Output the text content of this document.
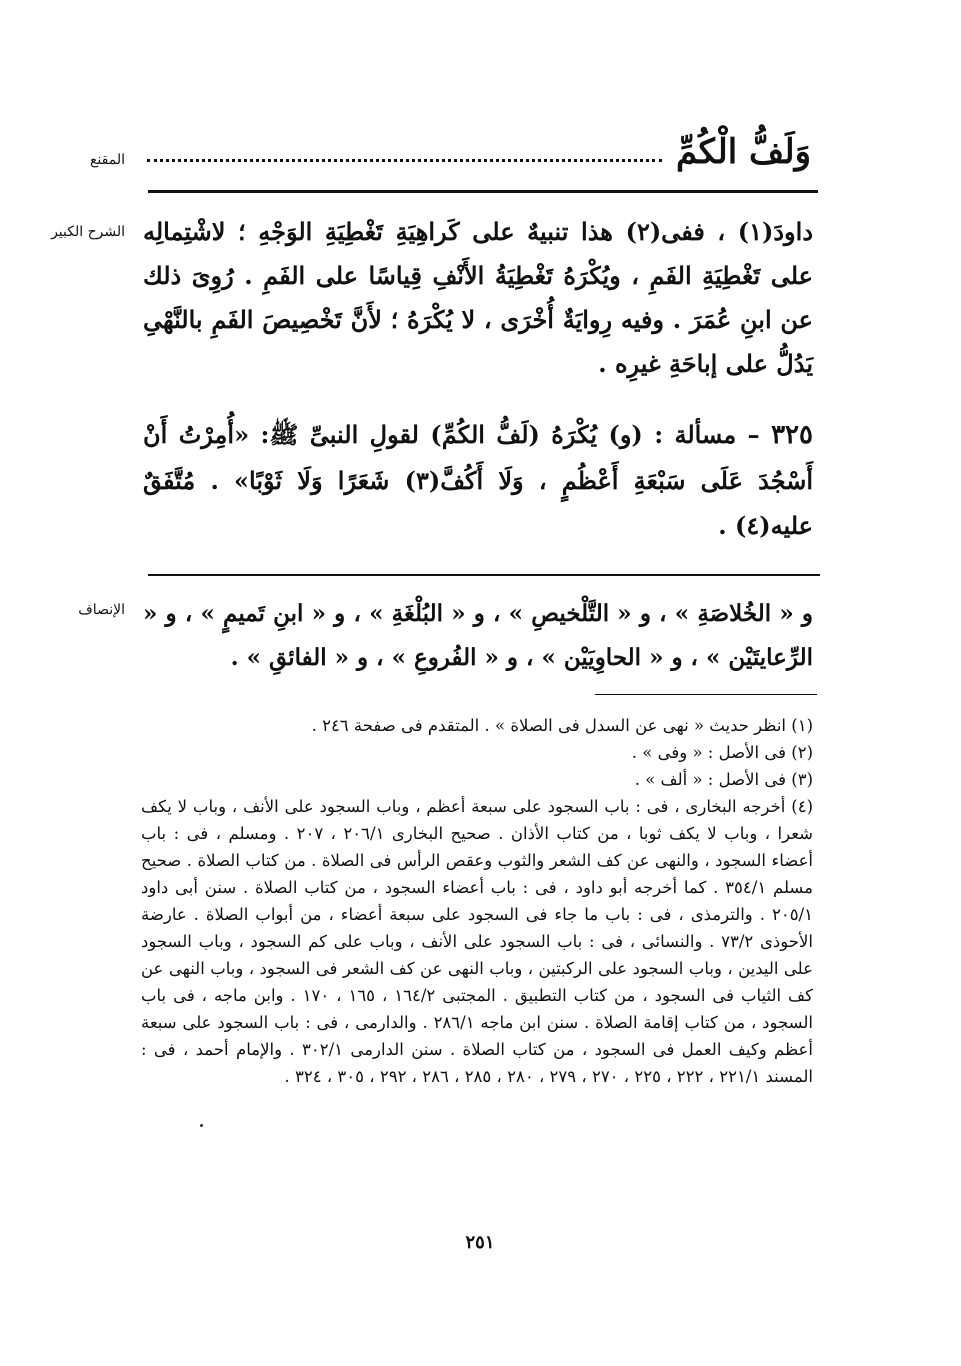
وَلَفُّ الْكُمِّ
المقنع
الشرح الكبير داودَ(١) ، ففى(٢) هذا تنبيهٌ على كَراهِيَةِ تَغْطِيَةِ الوَجْهِ ؛ لاشْتِمالِه على تَغْطِيَةِ الفَمِ ، ويُكْرَهُ تَغْطِيَةُ الأَنْفِ قِياسًا على الفَمِ . رُوِىَ ذلك عن ابنِ عُمَرَ . وفيه رِوايَةٌ أُخْرَى ، لا يُكْرَهُ ؛ لأَنَّ تَخْصِيصَ الفَمِ بالنَّهْىِ يَدُلُّ على إباحَةِ غيرِه .
٣٢٥ – مسألة : (و) يُكْرَهُ (لَفُّ الكُمِّ) لقولِ النبىِّ ﷺ: «أُمِرْتُ أَنْ أَسْجُدَ عَلَى سَبْعَةِ أَعْظُمٍ ، وَلَا أَكُفَّ(٣) شَعَرًا وَلَا ثَوْبًا» . مُتَّفَقٌ عليه(٤) .
الإنصاف و « الخُلاصَةِ » ، و « التَّلْخيصِ » ، و « البُلْغَةِ » ، و « ابنِ تَميمٍ » ، و « الرِّعايتَيْن » ، و « الحاوِيَيْن » ، و « الفُروعِ » ، و « الفائقِ » .

(١) انظر حديث « نهى عن السدل فى الصلاة » . المتقدم فى صفحة ٢٤٦ .

(٢) فى الأصل : « وفى » .

(٣) فى الأصل : « ألف » .

(٤) أخرجه البخارى ، فى : باب السجود على سبعة أعظم ، وباب السجود على الأنف ، وباب لا يكف شعرا ، وباب لا يكف ثوبا ، من كتاب الأذان . صحيح البخارى ٢٠٦/١ ، ٢٠٧ . ومسلم ، فى : باب أعضاء السجود ، والنهى عن كف الشعر والثوب وعقص الرأس فى الصلاة . من كتاب الصلاة . صحيح مسلم ٣٥٤/١ . كما أخرجه أبو داود ، فى : باب أعضاء السجود ، من كتاب الصلاة . سنن أبى داود ٢٠٥/١ . والترمذى ، فى : باب ما جاء فى السجود على سبعة أعضاء ، من أبواب الصلاة . عارضة الأحوذى ٧٣/٢ . والنسائى ، فى : باب السجود على الأنف ، وباب على كم السجود ، وباب السجود على اليدين ، وباب السجود على الركبتين ، وباب النهى عن كف الشعر فى السجود ، وباب النهى عن كف الثياب فى السجود ، من كتاب التطبيق . المجتبى ١٦٤/٢ ، ١٦٥ ، ١٧٠ . وابن ماجه ، فى باب السجود ، من كتاب إقامة الصلاة . سنن ابن ماجه ٢٨٦/١ . والدارمى ، فى : باب السجود على سبعة أعظم وكيف العمل فى السجود ، من كتاب الصلاة . سنن الدارمى ٣٠٢/١ . والإمام أحمد ، فى : المسند ٢٢١/١ ، ٢٢٢ ، ٢٢٥ ، ٢٧٠ ، ٢٧٩ ، ٢٨٠ ، ٢٨٥ ، ٢٨٦ ، ٢٩٢ ، ٣٠٥ ، ٣٢٤ .

٢٥١
